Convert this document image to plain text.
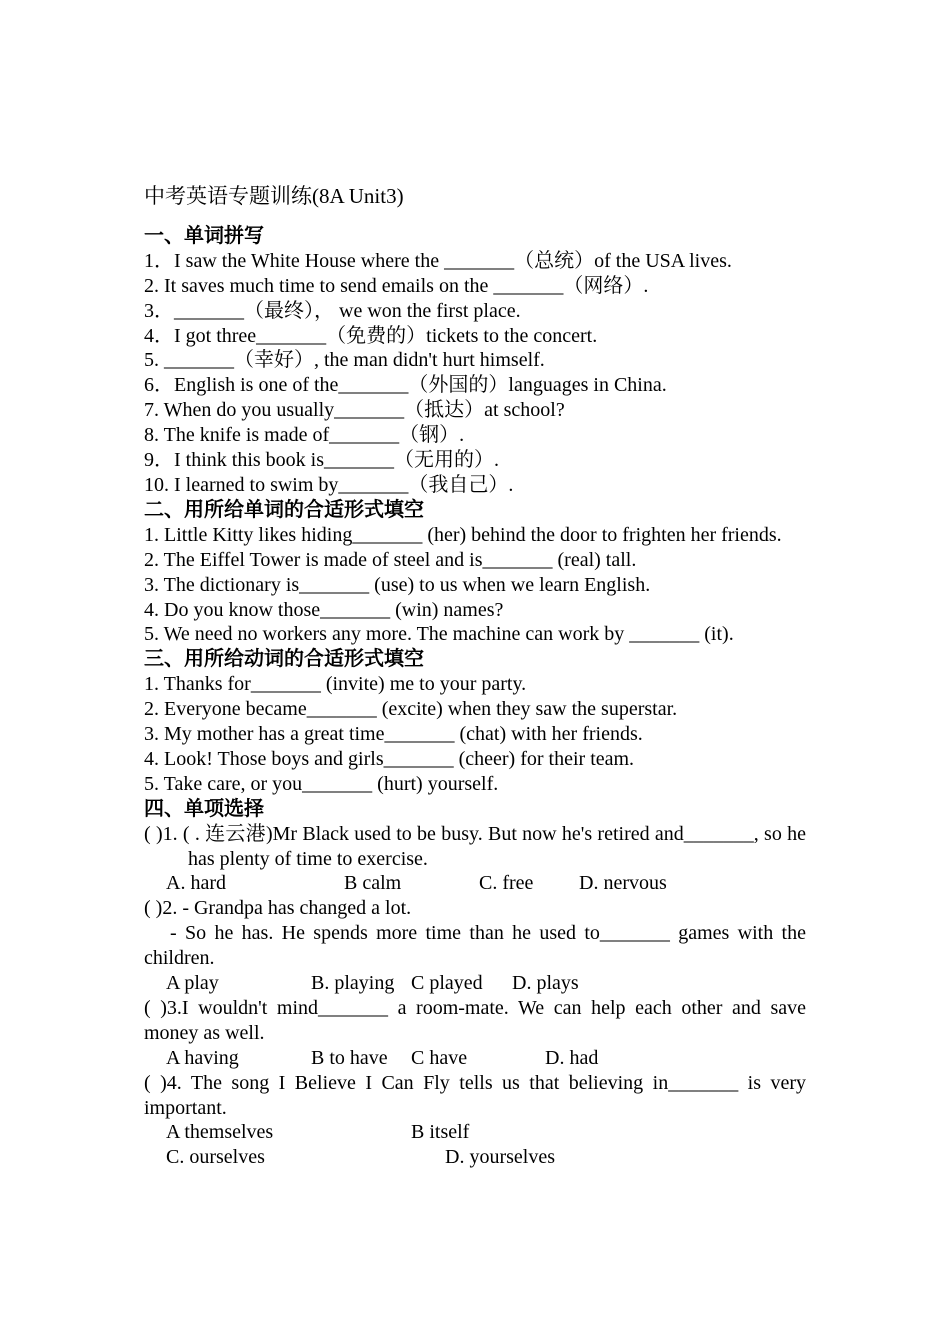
中考英语专题训练(8A Unit3)
一、单词拼写
1．I saw the White House where the _______（总统）of the USA lives.
2. It saves much time to send emails on the _______（网络）.
3．_______（最终）， we won the first place.
4．I got three_______（免费的）tickets to the concert.
5. _______（幸好）, the man didn't hurt himself.
6．English is one of the_______（外国的）languages in China.
7. When do you usually_______（抵达）at school?
8. The knife is made of_______（钢）.
9．I think this book is_______（无用的）.
10. I learned to swim by_______（我自己）.
二、用所给单词的合适形式填空
1. Little Kitty likes hiding_______ (her) behind the door to frighten her friends.
2. The Eiffel Tower is made of steel and is_______ (real) tall.
3. The dictionary is_______ (use) to us when we learn English.
4. Do you know those_______ (win) names?
5. We need no workers any more. The machine can work by _______ (it).
三、用所给动词的合适形式填空
1. Thanks for_______ (invite) me to your party.
2. Everyone became_______ (excite) when they saw the superstar.
3. My mother has a great time_______ (chat) with her friends.
4. Look! Those boys and girls_______ (cheer) for their team.
5. Take care, or you_______ (hurt) yourself.
四、单项选择
( )1. ( . 连云港)Mr Black used to be busy. But now he's retired and_______, so he has plenty of time to exercise.
A. hard	B calm	C. free D. nervous
( )2. - Grandpa has changed a lot.
- So he has. He spends more time than he used to_______ games with the children.
A play	B. playing C played D. plays
( )3.I wouldn't mind_______ a room-mate. We can help each other and save money as well.
A having	B to have C have	D. had
( )4. The song I Believe I Can Fly tells us that believing in_______ is very important.
A themselves	B itself
C. ourselves	D. yourselves
